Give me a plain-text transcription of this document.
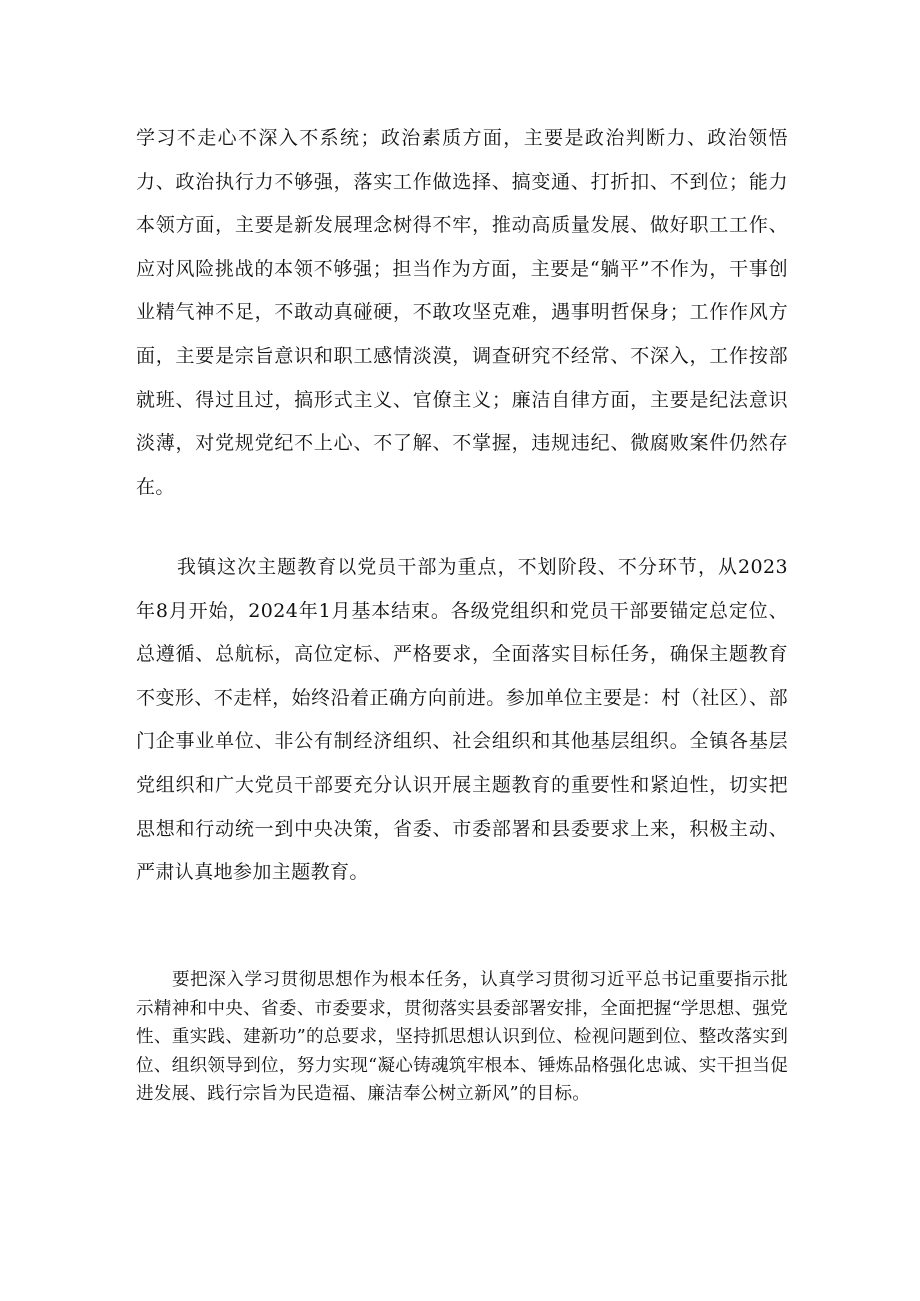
学习不走心不深入不系统；政治素质方面，主要是政治判断力、政治领悟力、政治执行力不够强，落实工作做选择、搞变通、打折扣、不到位；能力本领方面，主要是新发展理念树得不牢，推动高质量发展、做好职工工作、应对风险挑战的本领不够强；担当作为方面，主要是“躺平”不作为，干事创业精气神不足，不敢动真碰硬，不敢攻坚克难，遇事明哲保身；工作作风方面，主要是宗旨意识和职工感情淡漠，调查研究不经常、不深入，工作按部就班、得过且过，搞形式主义、官僚主义；廉洁自律方面，主要是纪法意识淡薄，对党规党纪不上心、不了解、不掌握，违规违纪、微腐败案件仍然存在。

我镇这次主题教育以党员干部为重点，不划阶段、不分环节，从2023年8月开始，2024年1月基本结束。各级党组织和党员干部要锚定总定位、总遵循、总航标，高位定标、严格要求，全面落实目标任务，确保主题教育不变形、不走样，始终沿着正确方向前进。参加单位主要是：村（社区）、部门企事业单位、非公有制经济组织、社会组织和其他基层组织。全镇各基层党组织和广大党员干部要充分认识开展主题教育的重要性和紧迫性，切实把思想和行动统一到中央决策，省委、市委部署和县委要求上来，积极主动、严肃认真地参加主题教育。

要把深入学习贯彻思想作为根本任务，认真学习贯彻习近平总书记重要指示批示精神和中央、省委、市委要求，贯彻落实县委部署安排，全面把握“学思想、强党性、重实践、建新功”的总要求，坚持抓思想认识到位、检视问题到位、整改落实到位、组织领导到位，努力实现“凝心铸魂筑牢根本、锤炼品格强化忠诚、实干担当促进发展、践行宗旨为民造福、廉洁奉公树立新风”的目标。
